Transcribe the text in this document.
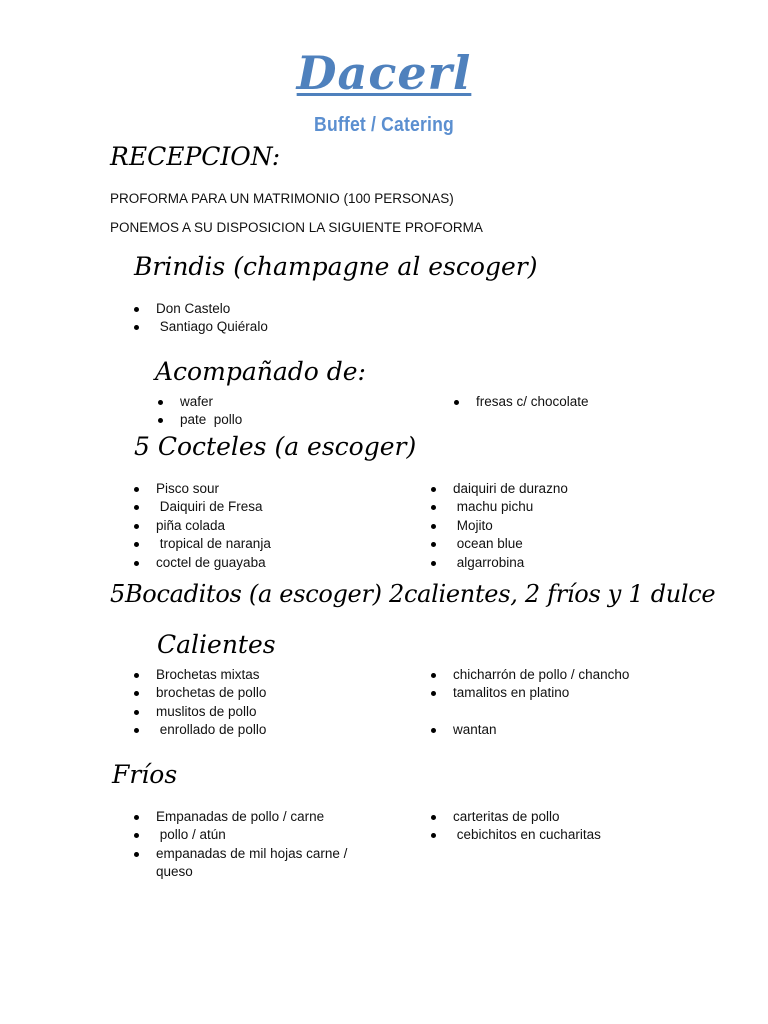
Dacerl
Buffet / Catering
RECEPCION:
PROFORMA PARA UN MATRIMONIO (100 PERSONAS)
PONEMOS A SU DISPOSICION LA SIGUIENTE PROFORMA
Brindis (champagne al escoger)
Don Castelo
Santiago Quiéralo
Acompañado de:
wafer
pate  pollo
fresas c/ chocolate
5 Cocteles (a escoger)
Pisco sour
Daiquiri de Fresa
piña colada
tropical de naranja
coctel de guayaba
daiquiri de durazno
machu pichu
Mojito
ocean blue
algarrobina
5Bocaditos (a escoger) 2calientes, 2 fríos y 1 dulce
Calientes
Brochetas mixtas
brochetas de pollo
muslitos de pollo
enrollado de pollo
chicharrón de pollo / chancho
tamalitos en platino
wantan
Fríos
Empanadas de pollo / carne
pollo / atún
empanadas de mil hojas carne / queso
carteritas de pollo
cebichitos en cucharitas
